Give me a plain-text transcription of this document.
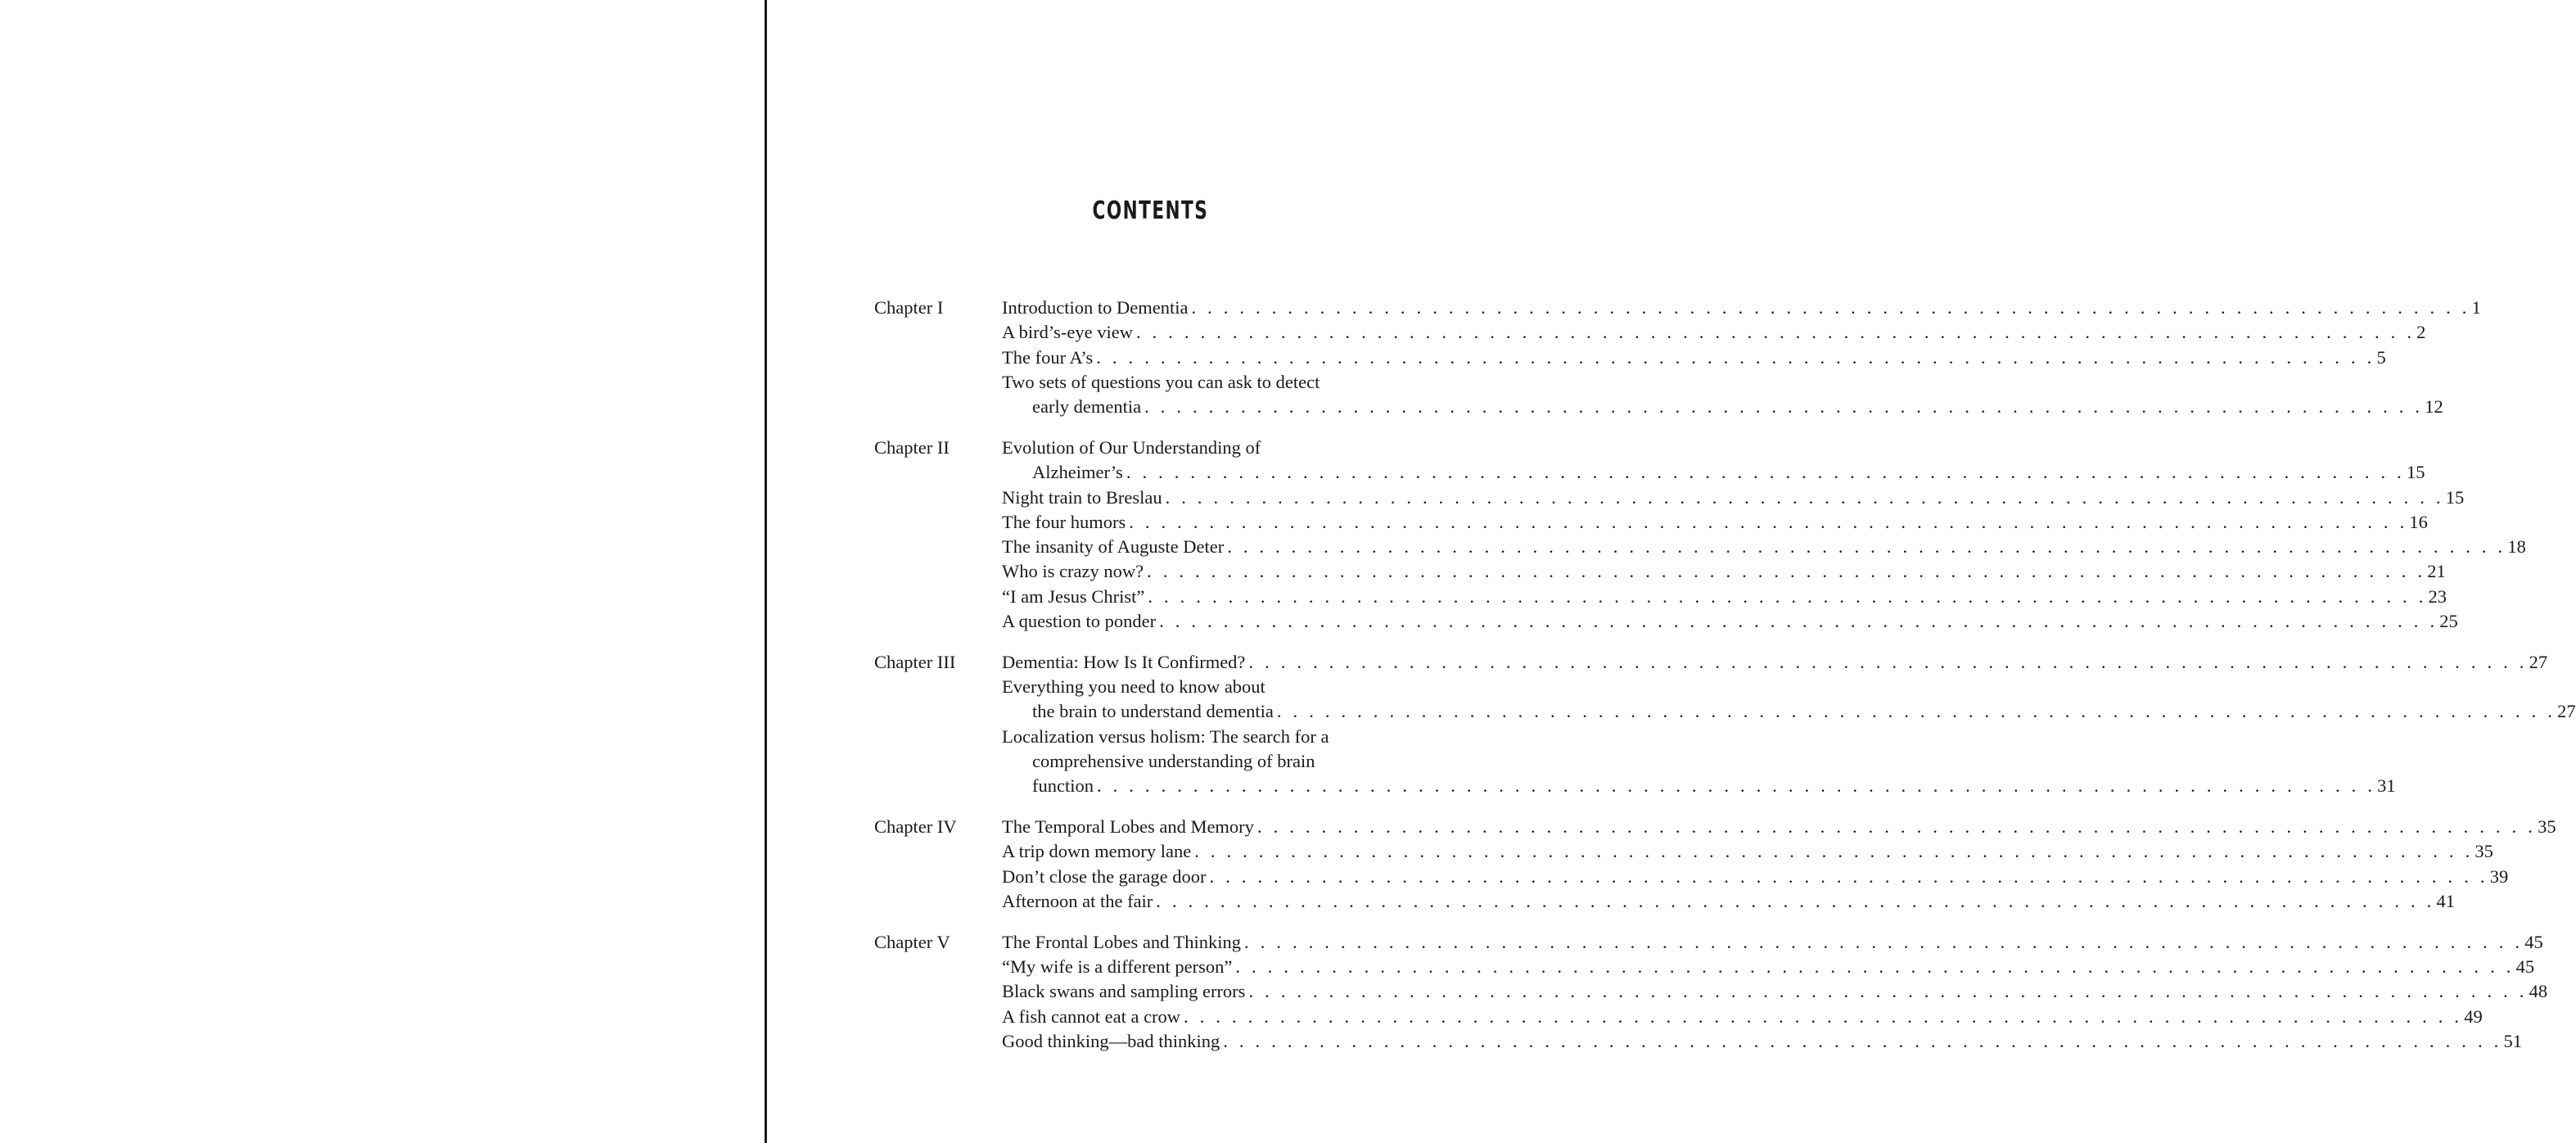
CONTENTS
Chapter I	Introduction to Dementia . . . . . . . . . . . . . . . . . . . . . . . . . . . . . . . . . . . . . . . . . . . . . . . . . . . . . . . . . . . . . . . . . . . . . . . . . . . . . . . . 1
A bird’s-eye view . . . . . . . . . . . . . . . . . . . . . . . . . . . . . . . . . . . . . . . . . . . . . . . . . . . . . . . . . . . . . . . . . . . . . . . . . . . . . . . . 2
The four A’s . . . . . . . . . . . . . . . . . . . . . . . . . . . . . . . . . . . . . . . . . . . . . . . . . . . . . . . . . . . . . . . . . . . . . . . . . . . . . . . . 5
Two sets of questions you can ask to detect
early dementia . . . . . . . . . . . . . . . . . . . . . . . . . . . . . . . . . . . . . . . . . . . . . . . . . . . . . . . . . . . . . . . . . . . . . . . . . . . . . . . . 12
Chapter II	Evolution of Our Understanding of
Alzheimer’s . . . . . . . . . . . . . . . . . . . . . . . . . . . . . . . . . . . . . . . . . . . . . . . . . . . . . . . . . . . . . . . . . . . . . . . . . . . . . . . . 15
Night train to Breslau . . . . . . . . . . . . . . . . . . . . . . . . . . . . . . . . . . . . . . . . . . . . . . . . . . . . . . . . . . . . . . . . . . . . . . . . . . . . . . . . 15
The four humors . . . . . . . . . . . . . . . . . . . . . . . . . . . . . . . . . . . . . . . . . . . . . . . . . . . . . . . . . . . . . . . . . . . . . . . . . . . . . . . . 16
The insanity of Auguste Deter . . . . . . . . . . . . . . . . . . . . . . . . . . . . . . . . . . . . . . . . . . . . . . . . . . . . . . . . . . . . . . . . . . . . . . . . . . . . . . . . 18
Who is crazy now? . . . . . . . . . . . . . . . . . . . . . . . . . . . . . . . . . . . . . . . . . . . . . . . . . . . . . . . . . . . . . . . . . . . . . . . . . . . . . . . . 21
“I am Jesus Christ” . . . . . . . . . . . . . . . . . . . . . . . . . . . . . . . . . . . . . . . . . . . . . . . . . . . . . . . . . . . . . . . . . . . . . . . . . . . . . . . . 23
A question to ponder . . . . . . . . . . . . . . . . . . . . . . . . . . . . . . . . . . . . . . . . . . . . . . . . . . . . . . . . . . . . . . . . . . . . . . . . . . . . . . . . 25
Chapter III	Dementia: How Is It Confirmed? . . . . . . . . . . . . . . . . . . . . . . . . . . . . . . . . . . . . . . . . . . . . . . . . . . . . . . . . . . . . . . . . . . . . . . . . . . . . . . . . 27
Everything you need to know about
the brain to understand dementia . . . . . . . . . . . . . . . . . . . . . . . . . . . . . . . . . . . . . . . . . . . . . . . . . . . . . . . . . . . . . . . . . . . . . . . . . . . . . . . . 27
Localization versus holism: The search for a
comprehensive understanding of brain
function . . . . . . . . . . . . . . . . . . . . . . . . . . . . . . . . . . . . . . . . . . . . . . . . . . . . . . . . . . . . . . . . . . . . . . . . . . . . . . . . 31
Chapter IV	The Temporal Lobes and Memory . . . . . . . . . . . . . . . . . . . . . . . . . . . . . . . . . . . . . . . . . . . . . . . . . . . . . . . . . . . . . . . . . . . . . . . . . . . . . . . . 35
A trip down memory lane . . . . . . . . . . . . . . . . . . . . . . . . . . . . . . . . . . . . . . . . . . . . . . . . . . . . . . . . . . . . . . . . . . . . . . . . . . . . . . . . 35
Don’t close the garage door . . . . . . . . . . . . . . . . . . . . . . . . . . . . . . . . . . . . . . . . . . . . . . . . . . . . . . . . . . . . . . . . . . . . . . . . . . . . . . . . 39
Afternoon at the fair . . . . . . . . . . . . . . . . . . . . . . . . . . . . . . . . . . . . . . . . . . . . . . . . . . . . . . . . . . . . . . . . . . . . . . . . . . . . . . . . 41
Chapter V	The Frontal Lobes and Thinking . . . . . . . . . . . . . . . . . . . . . . . . . . . . . . . . . . . . . . . . . . . . . . . . . . . . . . . . . . . . . . . . . . . . . . . . . . . . . . . . 45
“My wife is a different person” . . . . . . . . . . . . . . . . . . . . . . . . . . . . . . . . . . . . . . . . . . . . . . . . . . . . . . . . . . . . . . . . . . . . . . . . . . . . . . . . 45
Black swans and sampling errors . . . . . . . . . . . . . . . . . . . . . . . . . . . . . . . . . . . . . . . . . . . . . . . . . . . . . . . . . . . . . . . . . . . . . . . . . . . . . . . . 48
A fish cannot eat a crow . . . . . . . . . . . . . . . . . . . . . . . . . . . . . . . . . . . . . . . . . . . . . . . . . . . . . . . . . . . . . . . . . . . . . . . . . . . . . . . . 49
Good thinking—bad thinking . . . . . . . . . . . . . . . . . . . . . . . . . . . . . . . . . . . . . . . . . . . . . . . . . . . . . . . . . . . . . . . . . . . . . . . . . . . . . . . . 51
